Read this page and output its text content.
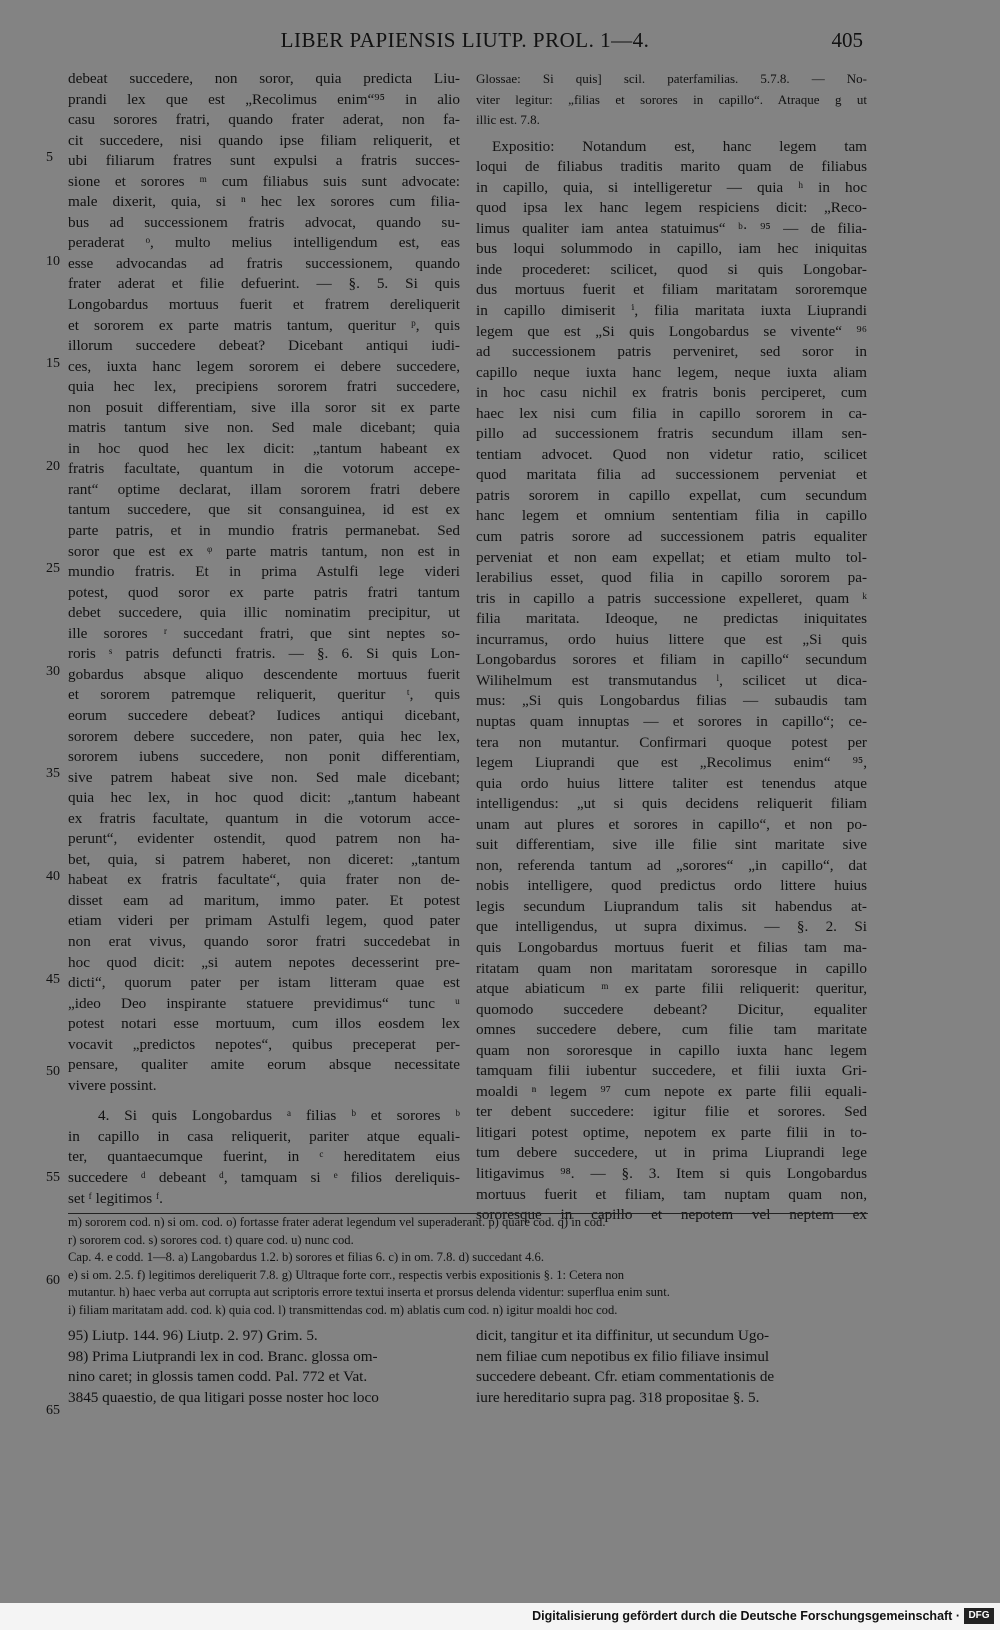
LIBER PAPIENSIS LIUTP. PROL. 1—4.	405
5
10
15
20
25
30
35
40
45
50
55
60
65
debeat succedere, non soror, quia predicta Liu-
prandi lex que est „Recolimus enim“⁹⁵ in alio
casu sorores fratri, quando frater aderat, non fa-
cit succedere, nisi quando ipse filiam reliquerit, et
ubi filiarum fratres sunt expulsi a fratris succes-
sione et sorores ᵐ cum filiabus suis sunt advocate:
male dixerit, quia, si ⁿ hec lex sorores cum filia-
bus ad successionem fratris advocat, quando su-
peraderat ᵒ, multo melius intelligendum est, eas
esse advocandas ad fratris successionem, quando
frater aderat et filie defuerint. — §. 5. Si quis
Longobardus mortuus fuerit et fratrem dereliquerit
et sororem ex parte matris tantum, queritur ᵖ, quis
illorum succedere debeat? Dicebant antiqui iudi-
ces, iuxta hanc legem sororem ei debere succedere,
quia hec lex, precipiens sororem fratri succedere,
non posuit differentiam, sive illa soror sit ex parte
matris tantum sive non. Sed male dicebant; quia
in hoc quod hec lex dicit: „tantum habeant ex
fratris facultate, quantum in die votorum accepe-
rant“ optime declarat, illam sororem fratri debere
tantum succedere, que sit consanguinea, id est ex
parte patris, et in mundio fratris permanebat. Sed
soror que est ex ᵠ parte matris tantum, non est in
mundio fratris. Et in prima Astulfi lege videri
potest, quod soror ex parte patris fratri tantum
debet succedere, quia illic nominatim precipitur, ut
ille sorores ʳ succedant fratri, que sint neptes so-
roris ˢ patris defuncti fratris. — §. 6. Si quis Lon-
gobardus absque aliquo descendente mortuus fuerit
et sororem patremque reliquerit, queritur ᵗ, quis
eorum succedere debeat? Iudices antiqui dicebant,
sororem debere succedere, non pater, quia hec lex,
sororem iubens succedere, non ponit differentiam,
sive patrem habeat sive non. Sed male dicebant;
quia hec lex, in hoc quod dicit: „tantum habeant
ex fratris facultate, quantum in die votorum acce-
perunt“, evidenter ostendit, quod patrem non ha-
bet, quia, si patrem haberet, non diceret: „tantum
habeat ex fratris facultate“, quia frater non de-
disset eam ad maritum, immo pater. Et potest
etiam videri per primam Astulfi legem, quod pater
non erat vivus, quando soror fratri succedebat in
hoc quod dicit: „si autem nepotes decesserint pre-
dicti“, quorum pater per istam litteram quae est
„ideo Deo inspirante statuere previdimus“ tunc ᵘ
potest notari esse mortuum, cum illos eosdem lex
vocavit „predictos nepotes“, quibus preceperat per-
pensare, qualiter amite eorum absque necessitate
vivere possint.
4. Si quis Longobardus ᵃ filias ᵇ et sorores ᵇ
in capillo in casa reliquerit, pariter atque equali-
ter, quantaecumque fuerint, in ᶜ hereditatem eius
succedere ᵈ debeant ᵈ, tamquam si ᵉ filios dereliquis-
set ᶠ legitimos ᶠ.
Glossae: Si quis] scil. paterfamilias. 5.7.8. — No-
viter legitur: „filias et sorores in capillo“. Atraque g ut
illic est. 7.8.
Expositio: Notandum est, hanc legem tam
loqui de filiabus traditis marito quam de filiabus
in capillo, quia, si intelligeretur — quia ʰ in hoc
quod ipsa lex hanc legem respiciens dicit: „Reco-
limus qualiter iam antea statuimus“ ᵇ· ⁹⁵ — de filia-
bus loqui solummodo in capillo, iam hec iniquitas
inde procederet: scilicet, quod si quis Longobar-
dus mortuus fuerit et filiam maritatam sororemque
in capillo dimiserit ⁱ, filia maritata iuxta Liuprandi
legem que est „Si quis Longobardus se vivente“ ⁹⁶
ad successionem patris perveniret, sed soror in
capillo neque iuxta hanc legem, neque iuxta aliam
in hoc casu nichil ex fratris bonis perciperet, cum
haec lex nisi cum filia in capillo sororem in ca-
pillo ad successionem fratris secundum illam sen-
tentiam advocet. Quod non videtur ratio, scilicet
quod maritata filia ad successionem perveniat et
patris sororem in capillo expellat, cum secundum
hanc legem et omnium sententiam filia in capillo
cum patris sorore ad successionem patris equaliter
perveniat et non eam expellat; et etiam multo tol-
lerabilius esset, quod filia in capillo sororem pa-
tris in capillo a patris successione expelleret, quam ᵏ
filia maritata. Ideoque, ne predictas iniquitates
incurramus, ordo huius littere que est „Si quis
Longobardus sorores et filiam in capillo“ secundum
Wilihelmum est transmutandus ˡ, scilicet ut dica-
mus: „Si quis Longobardus filias — subaudis tam
nuptas quam innuptas — et sorores in capillo“; ce-
tera non mutantur. Confirmari quoque potest per
legem Liuprandi que est „Recolimus enim“ ⁹⁵,
quia ordo huius littere taliter est tenendus atque
intelligendus: „ut si quis decidens reliquerit filiam
unam aut plures et sorores in capillo“, et non po-
suit differentiam, sive ille filie sint maritate sive
non, referenda tantum ad „sorores“ „in capillo“, dat
nobis intelligere, quod predictus ordo littere huius
legis secundum Liuprandum talis sit habendus at-
que intelligendus, ut supra diximus. — §. 2. Si
quis Longobardus mortuus fuerit et filias tam ma-
ritatam quam non maritatam sororesque in capillo
atque abiaticum ᵐ ex parte filii reliquerit: queritur,
quomodo succedere debeant? Dicitur, equaliter
omnes succedere debere, cum filie tam maritate
quam non sororesque in capillo iuxta hanc legem
tamquam filii iubentur succedere, et filii iuxta Gri-
moaldi ⁿ legem ⁹⁷ cum nepote ex parte filii equali-
ter debent succedere: igitur filie et sorores. Sed
litigari potest optime, nepotem ex parte filii in to-
tum debere succedere, ut in prima Liuprandi lege
litigavimus ⁹⁸. — §. 3. Item si quis Longobardus
mortuus fuerit et filiam, tam nuptam quam non,
sororesque in capillo et nepotem vel neptem ex
m) sororem cod. n) si om. cod. o) fortasse frater aderat legendum vel superaderant. p) quare cod. q) in cod.
r) sororem cod. s) sorores cod. t) quare cod. u) nunc cod.
Cap. 4. e codd. 1—8. a) Langobardus 1.2. b) sorores et filias 6. c) in om. 7.8. d) succedant 4.6.
e) si om. 2.5. f) legitimos dereliquerit 7.8. g) Ultraque forte corr., respectis verbis expositionis §. 1: Cetera non
mutantur. h) haec verba aut corrupta aut scriptoris errore textui inserta et prorsus delenda videntur: superflua enim sunt.
i) filiam maritatam add. cod. k) quia cod. l) transmittendas cod. m) ablatis cum cod. n) igitur moaldi hoc cod.
95) Liutp. 144. 96) Liutp. 2. 97) Grim. 5.
98) Prima Liutprandi lex in cod. Branc. glossa om-
nino caret; in glossis tamen codd. Pal. 772 et Vat.
3845 quaestio, de qua litigari posse noster hoc loco
dicit, tangitur et ita diffinitur, ut secundum Ugo-
nem filiae cum nepotibus ex filio filiave insimul
succedere debeant. Cfr. etiam commentationis de
iure hereditario supra pag. 318 propositae §. 5.
Digitalisierung gefördert durch die Deutsche Forschungsgemeinschaft · DFG
